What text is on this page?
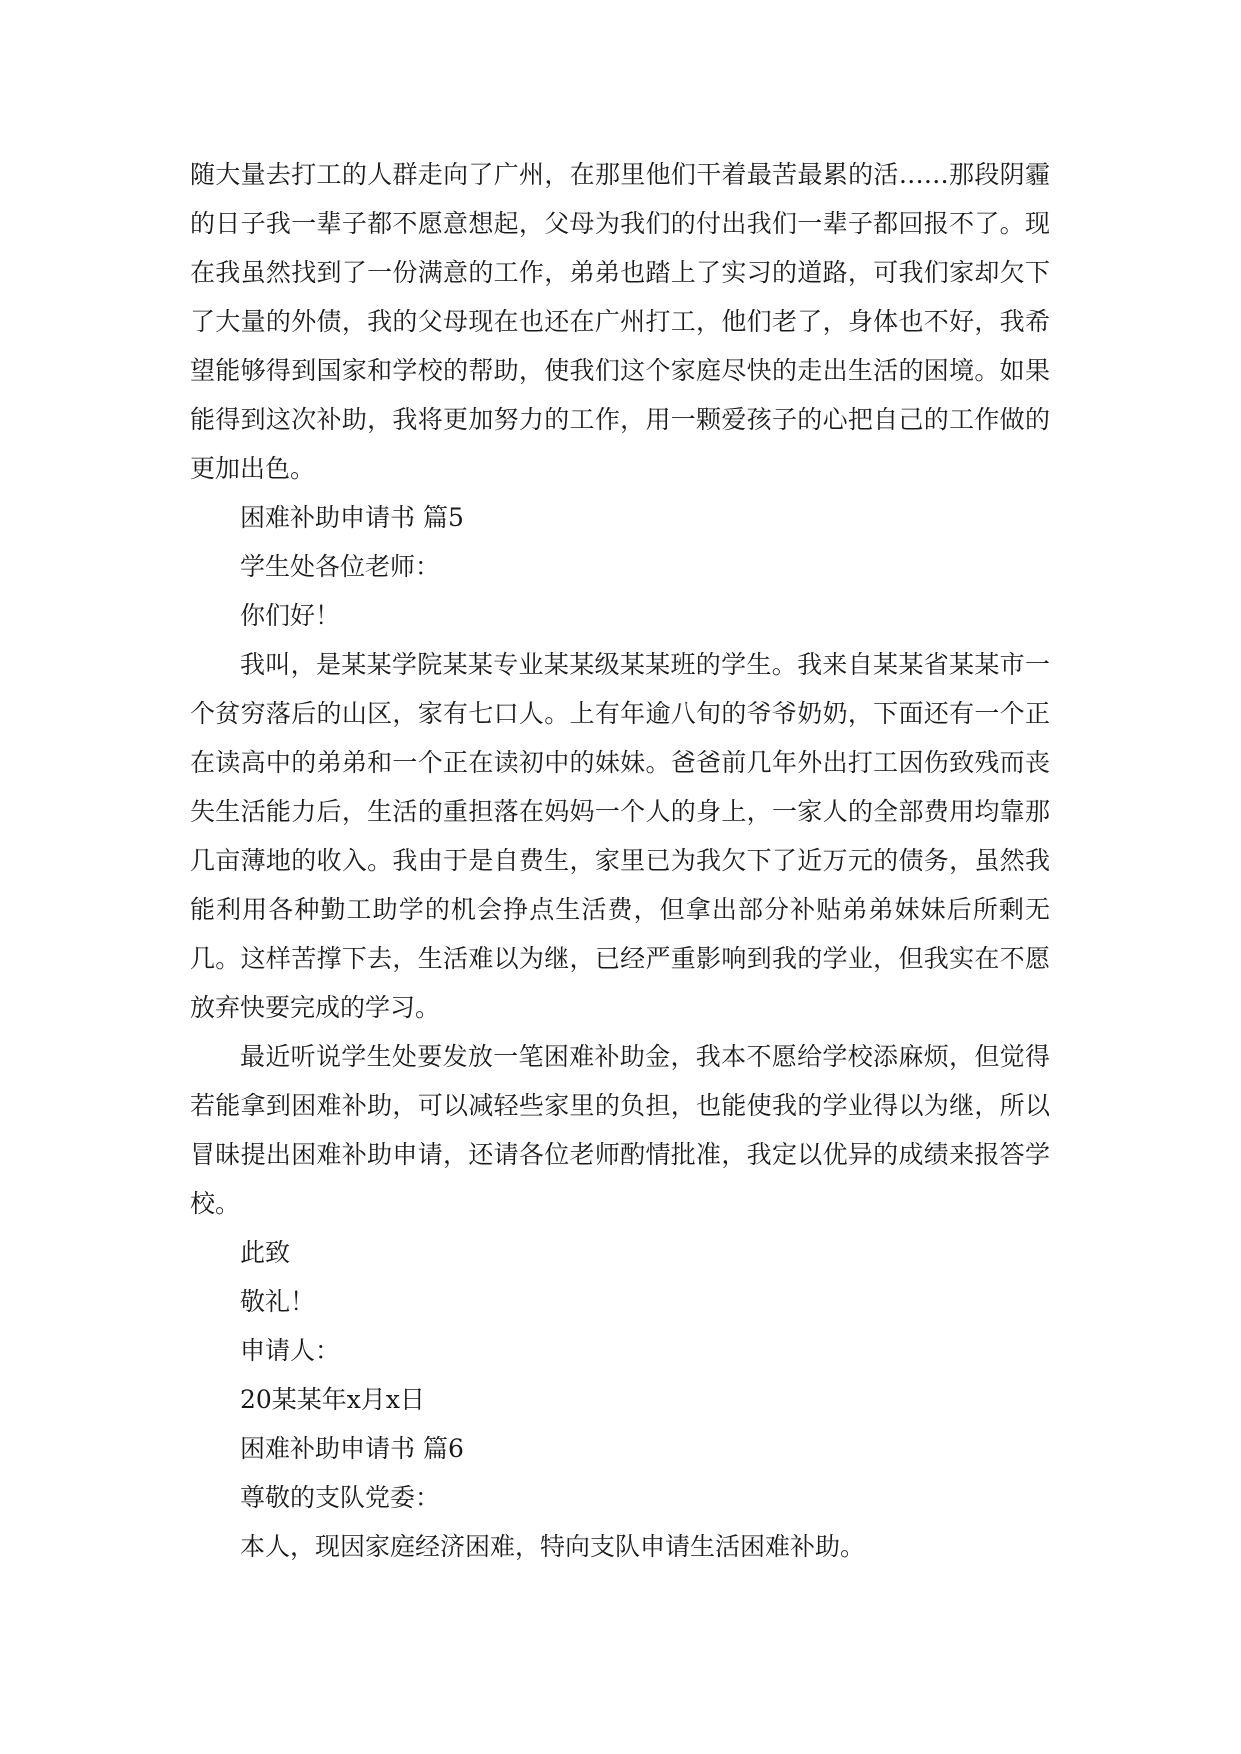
随大量去打工的人群走向了广州，在那里他们干着最苦最累的活……那段阴霾的日子我一辈子都不愿意想起，父母为我们的付出我们一辈子都回报不了。现在我虽然找到了一份满意的工作，弟弟也踏上了实习的道路，可我们家却欠下了大量的外债，我的父母现在也还在广州打工，他们老了，身体也不好，我希望能够得到国家和学校的帮助，使我们这个家庭尽快的走出生活的困境。如果能得到这次补助，我将更加努力的工作，用一颗爱孩子的心把自己的工作做的更加出色。

困难补助申请书 篇5

学生处各位老师：

你们好！

我叫，是某某学院某某专业某某级某某班的学生。我来自某某省某某市一个贫穷落后的山区，家有七口人。上有年逾八旬的爷爷奶奶，下面还有一个正在读高中的弟弟和一个正在读初中的妹妹。爸爸前几年外出打工因伤致残而丧失生活能力后，生活的重担落在妈妈一个人的身上，一家人的全部费用均靠那几亩薄地的收入。我由于是自费生，家里已为我欠下了近万元的债务，虽然我能利用各种勤工助学的机会挣点生活费，但拿出部分补贴弟弟妹妹后所剩无几。这样苦撑下去，生活难以为继，已经严重影响到我的学业，但我实在不愿放弃快要完成的学习。

最近听说学生处要发放一笔困难补助金，我本不愿给学校添麻烦，但觉得若能拿到困难补助，可以减轻些家里的负担，也能使我的学业得以为继，所以冒昧提出困难补助申请，还请各位老师酌情批准，我定以优异的成绩来报答学校。

此致

敬礼！

申请人：

20某某年x月x日

困难补助申请书 篇6

尊敬的支队党委：

本人，现因家庭经济困难，特向支队申请生活困难补助。
